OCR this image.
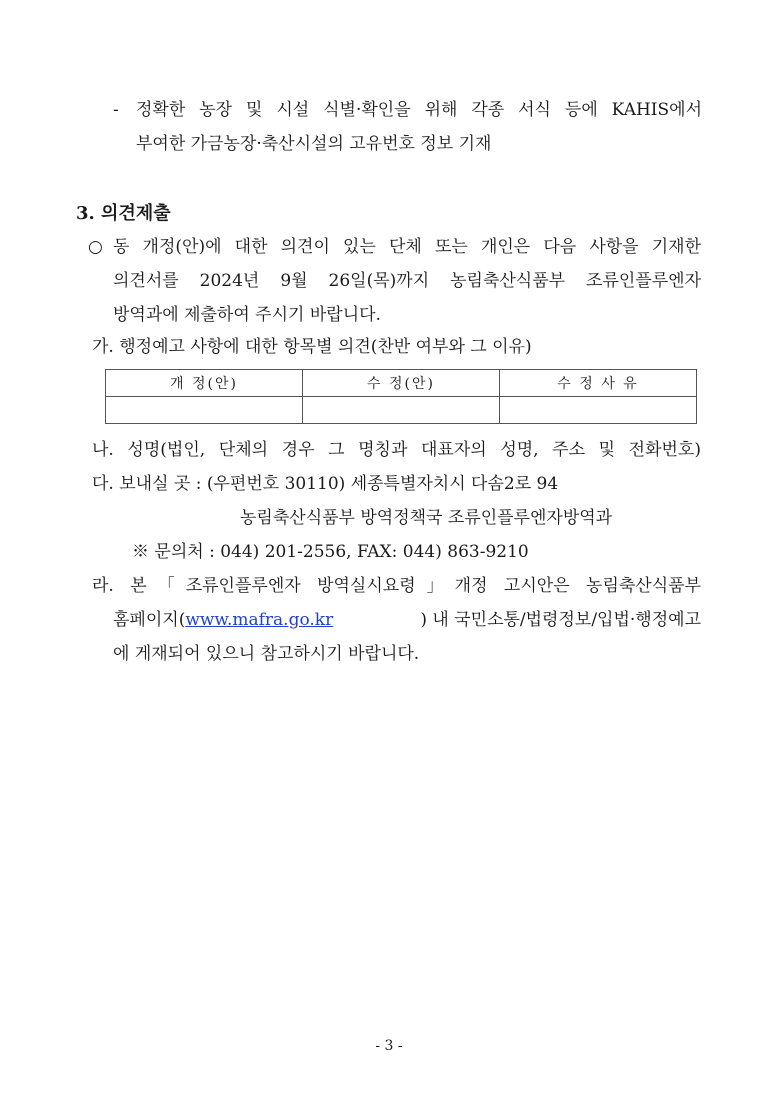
- 정확한 농장 및 시설 식별·확인을 위해 각종 서식 등에 KAHIS에서
부여한 가금농장·축산시설의 고유번호 정보 기재
3. 의견제출
○ 동 개정(안)에 대한 의견이 있는 단체 또는 개인은 다음 사항을 기재한
의견서를 2024년 9월 26일(목)까지 농림축산식품부 조류인플루엔자
방역과에 제출하여 주시기 바랍니다.
가. 행정예고 사항에 대한 항목별 의견(찬반 여부와 그 이유)
개 정(안)	수 정(안)	수 정 사 유

나. 성명(법인, 단체의 경우 그 명칭과 대표자의 성명, 주소 및 전화번호)
다. 보내실 곳 : (우편번호 30110) 세종특별자치시 다솜2로 94
농림축산식품부 방역정책국 조류인플루엔자방역과
※ 문의처 : 044) 201-2556, FAX: 044) 863-9210
라. 본「조류인플루엔자 방역실시요령」개정 고시안은 농림축산식품부
홈페이지(www.mafra.go.kr	) 내 국민소통/법령정보/입법·행정예고
에 게재되어 있으니 참고하시기 바랍니다.
- 3 -
